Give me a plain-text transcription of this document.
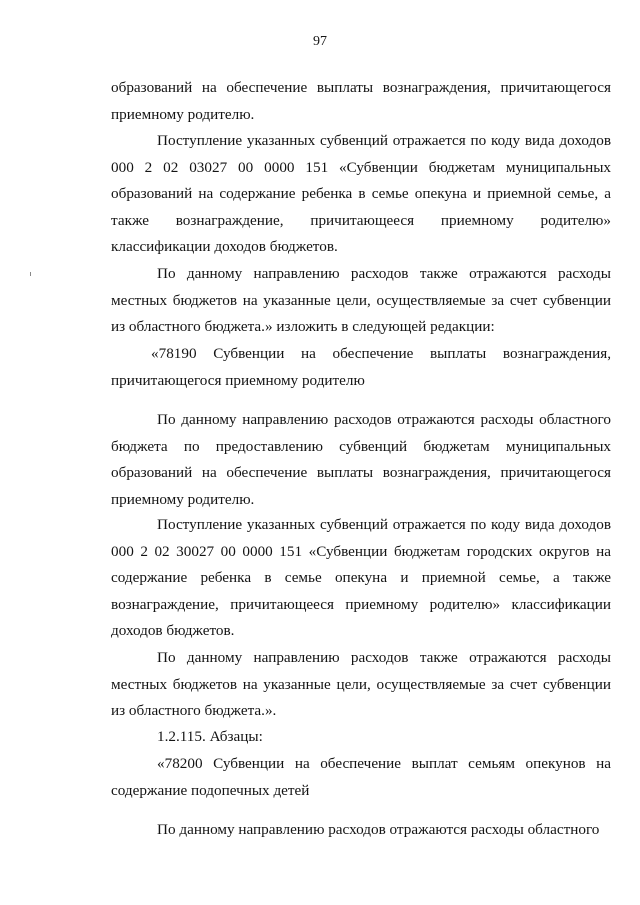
97

образований на обеспечение выплаты вознаграждения, причитающегося приемному родителю.

Поступление указанных субвенций отражается по коду вида доходов 000 2 02 03027 00 0000 151 «Субвенции бюджетам муниципальных образований на содержание ребенка в семье опекуна и приемной семье, а также вознаграждение, причитающееся приемному родителю» классификации доходов бюджетов.

По данному направлению расходов также отражаются расходы местных бюджетов на указанные цели, осуществляемые за счет субвенции из областного бюджета.» изложить в следующей редакции:

«78190 Субвенции на обеспечение выплаты вознаграждения, причитающегося приемному родителю

По данному направлению расходов отражаются расходы областного бюджета по предоставлению субвенций бюджетам муниципальных образований на обеспечение выплаты вознаграждения, причитающегося приемному родителю.

Поступление указанных субвенций отражается по коду вида доходов 000 2 02 30027 00 0000 151 «Субвенции бюджетам городских округов на содержание ребенка в семье опекуна и приемной семье, а также вознаграждение, причитающееся приемному родителю» классификации доходов бюджетов.

По данному направлению расходов также отражаются расходы местных бюджетов на указанные цели, осуществляемые за счет субвенции из областного бюджета.».

1.2.115. Абзацы:

«78200 Субвенции на обеспечение выплат семьям опекунов на содержание подопечных детей

По данному направлению расходов отражаются расходы областного
